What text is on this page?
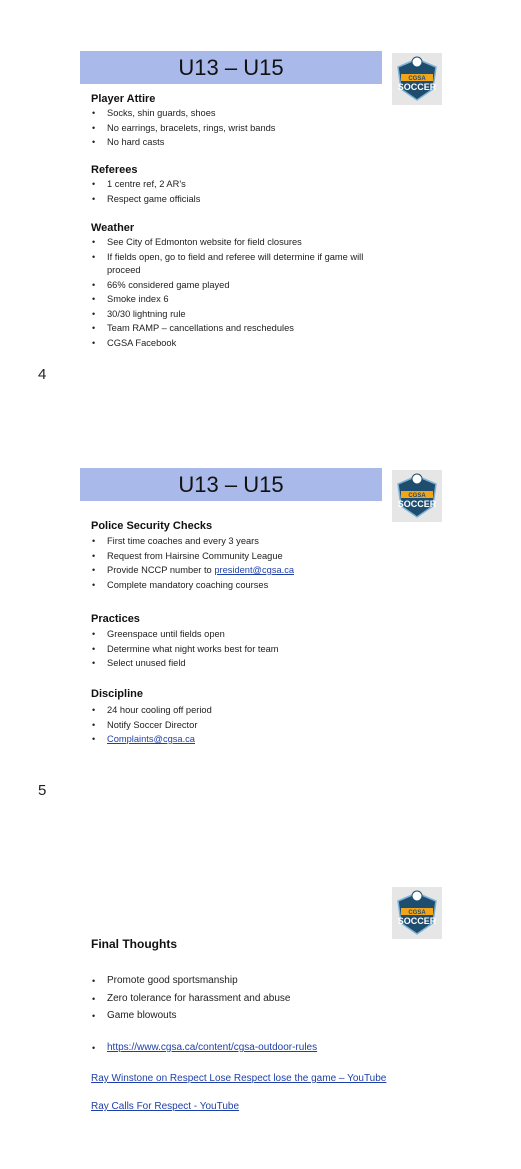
U13 – U15	CGSA
SOCCER
Player Attire
• Socks, shin guards, shoes
• No earrings, bracelets, rings, wrist bands
• No hard casts
Referees
• 1 centre ref, 2 AR's
• Respect game officials
Weather
• See City of Edmonton website for field closures
• If fields open, go to field and referee will determine if game will proceed
• 66% considered game played
• Smoke index 6
• 30/30 lightning rule
• Team RAMP – cancellations and reschedules
• CGSA Facebook
4
U13 – U15	CGSA
SOCCER
Police Security Checks
• First time coaches and every 3 years
• Request from Hairsine Community League
• Provide NCCP number to president@cgsa.ca
• Complete mandatory coaching courses
Practices
• Greenspace until fields open
• Determine what night works best for team
• Select unused field
Discipline
• 24 hour cooling off period
• Notify Soccer Director
• Complaints@cgsa.ca
5
CGSA
SOCCER
Final Thoughts
• Promote good sportsmanship
• Zero tolerance for harassment and abuse
• Game blowouts
• https://www.cgsa.ca/content/cgsa-outdoor-rules
Ray Winstone on Respect Lose Respect lose the game – YouTube
Ray Calls For Respect - YouTube
